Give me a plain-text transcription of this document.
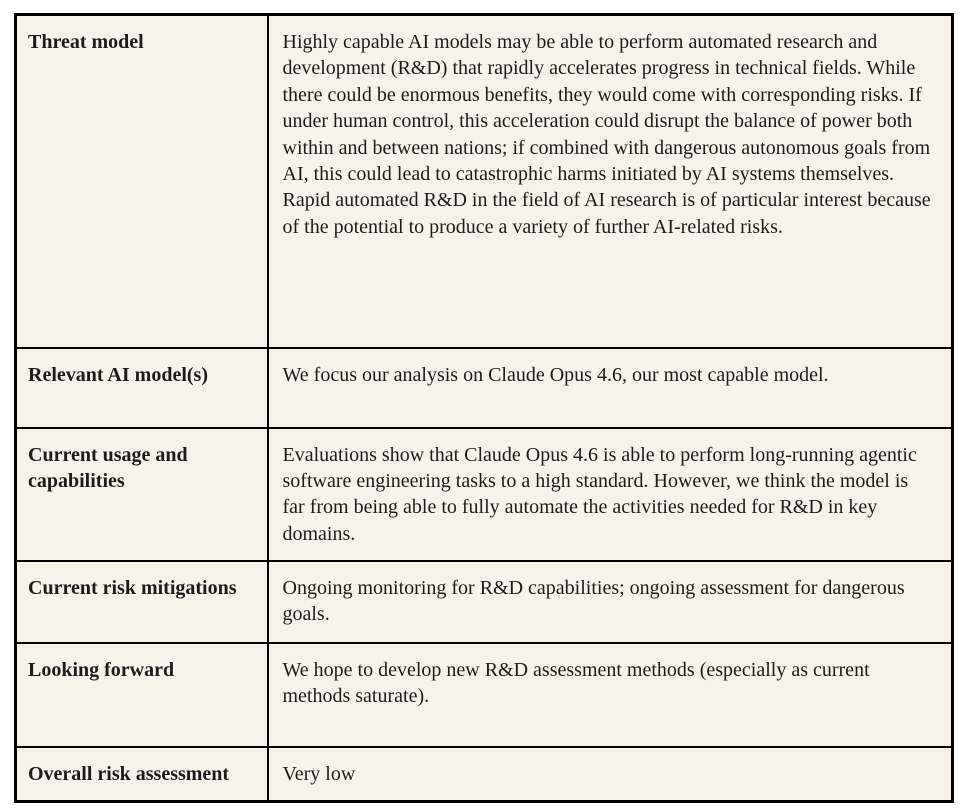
Threat model	Highly capable AI models may be able to perform automated research and development (R&D) that rapidly accelerates progress in technical fields. While there could be enormous benefits, they would come with corresponding risks. If under human control, this acceleration could disrupt the balance of power both within and between nations; if combined with dangerous autonomous goals from AI, this could lead to catastrophic harms initiated by AI systems themselves. Rapid automated R&D in the field of AI research is of particular interest because of the potential to produce a variety of further AI-related risks.
Relevant AI model(s)	We focus our analysis on Claude Opus 4.6, our most capable model.
Current usage and capabilities	Evaluations show that Claude Opus 4.6 is able to perform long-running agentic software engineering tasks to a high standard. However, we think the model is far from being able to fully automate the activities needed for R&D in key domains.
Current risk mitigations	Ongoing monitoring for R&D capabilities; ongoing assessment for dangerous goals.
Looking forward	We hope to develop new R&D assessment methods (especially as current methods saturate).
Overall risk assessment	Very low
